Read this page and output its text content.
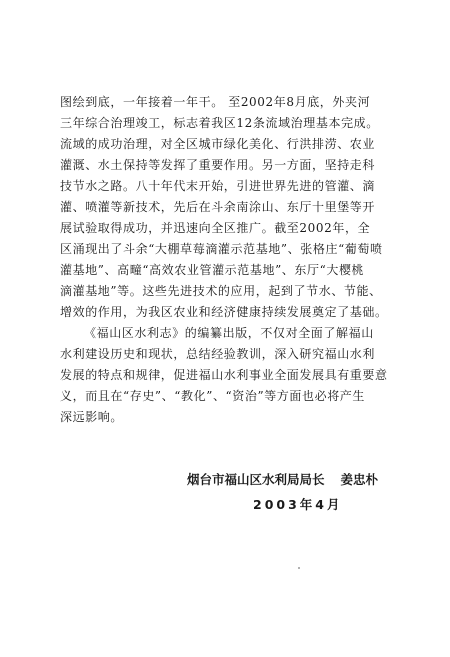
图绘到底，一年接着一年干。 至2002年8月底，外夹河
三年综合治理竣工，标志着我区12条流域治理基本完成。
流域的成功治理，对全区城市绿化美化、行洪排涝、农业
灌溉、水土保持等发挥了重要作用。另一方面，坚持走科
技节水之路。八十年代末开始，引进世界先进的管灌、滴
灌、喷灌等新技术，先后在斗余南涂山、东厅十里堡等开
展试验取得成功，并迅速向全区推广。截至2002年，全
区涌现出了斗余“大棚草莓滴灌示范基地”、张格庄“葡萄喷
灌基地”、高疃“高效农业管灌示范基地”、东厅“大樱桃
滴灌基地”等。这些先进技术的应用，起到了节水、节能、
增效的作用，为我区农业和经济健康持续发展奠定了基础。
《福山区水利志》的编纂出版，不仅对全面了解福山
水利建设历史和现状，总结经验教训，深入研究福山水利
发展的特点和规律，促进福山水利事业全面发展具有重要意
义，而且在“存史”、“教化”、“资治”等方面也必将产生
深远影响。
烟台市福山区水利局局长 姜忠朴
2003年4月
